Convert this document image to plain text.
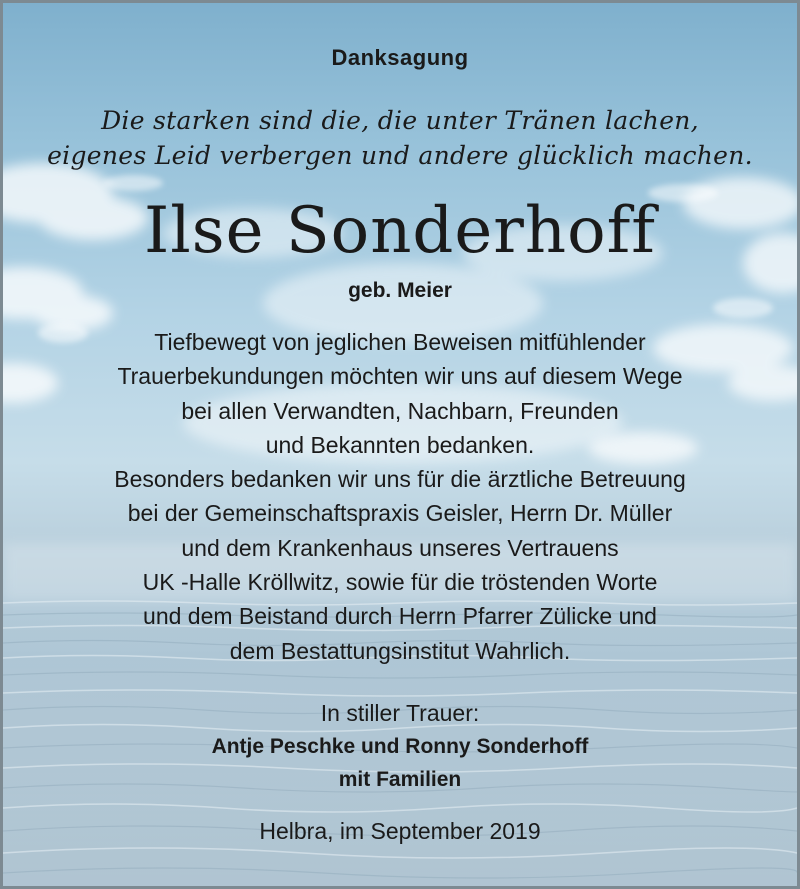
Danksagung
Die starken sind die, die unter Tränen lachen,
eigenes Leid verbergen und andere glücklich machen.
Ilse Sonderhoff
geb. Meier
Tiefbewegt von jeglichen Beweisen mitfühlender
Trauerbekundungen möchten wir uns auf diesem Wege
bei allen Verwandten, Nachbarn, Freunden
und Bekannten bedanken.
Besonders bedanken wir uns für die ärztliche Betreuung
bei der Gemeinschaftspraxis Geisler, Herrn Dr. Müller
und dem Krankenhaus unseres Vertrauens
UK -Halle Kröllwitz, sowie für die tröstenden Worte
und dem Beistand durch Herrn Pfarrer Zülicke und
dem Bestattungsinstitut Wahrlich.
In stiller Trauer:
Antje Peschke und Ronny Sonderhoff
mit Familien
Helbra, im September 2019
